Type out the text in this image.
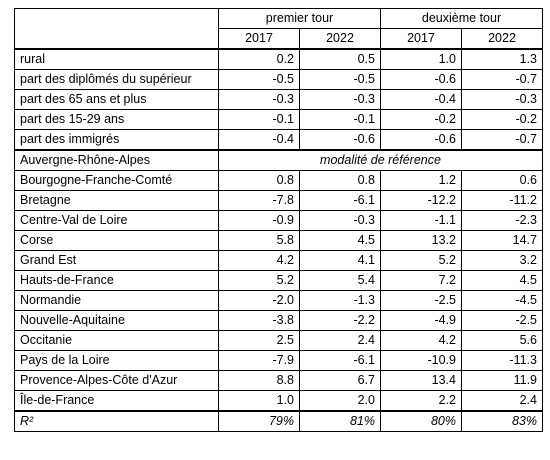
	premier tour		deuxième tour	
	2017	2022	2017	2022
rural	0.2	0.5	1.0	1.3
part des diplômés du supérieur	-0.5	-0.5	-0.6	-0.7
part des 65 ans et plus	-0.3	-0.3	-0.4	-0.3
part des 15-29 ans	-0.1	-0.1	-0.2	-0.2
part des immigrés	-0.4	-0.6	-0.6	-0.7
Auvergne-Rhône-Alpes	modalité de référence			
Bourgogne-Franche-Comté	0.8	0.8	1.2	0.6
Bretagne	-7.8	-6.1	-12.2	-11.2
Centre-Val de Loire	-0.9	-0.3	-1.1	-2.3
Corse	5.8	4.5	13.2	14.7
Grand Est	4.2	4.1	5.2	3.2
Hauts-de-France	5.2	5.4	7.2	4.5
Normandie	-2.0	-1.3	-2.5	-4.5
Nouvelle-Aquitaine	-3.8	-2.2	-4.9	-2.5
Occitanie	2.5	2.4	4.2	5.6
Pays de la Loire	-7.9	-6.1	-10.9	-11.3
Provence-Alpes-Côte d'Azur	8.8	6.7	13.4	11.9
Île-de-France	1.0	2.0	2.2	2.4
R²	79%	81%	80%	83%
